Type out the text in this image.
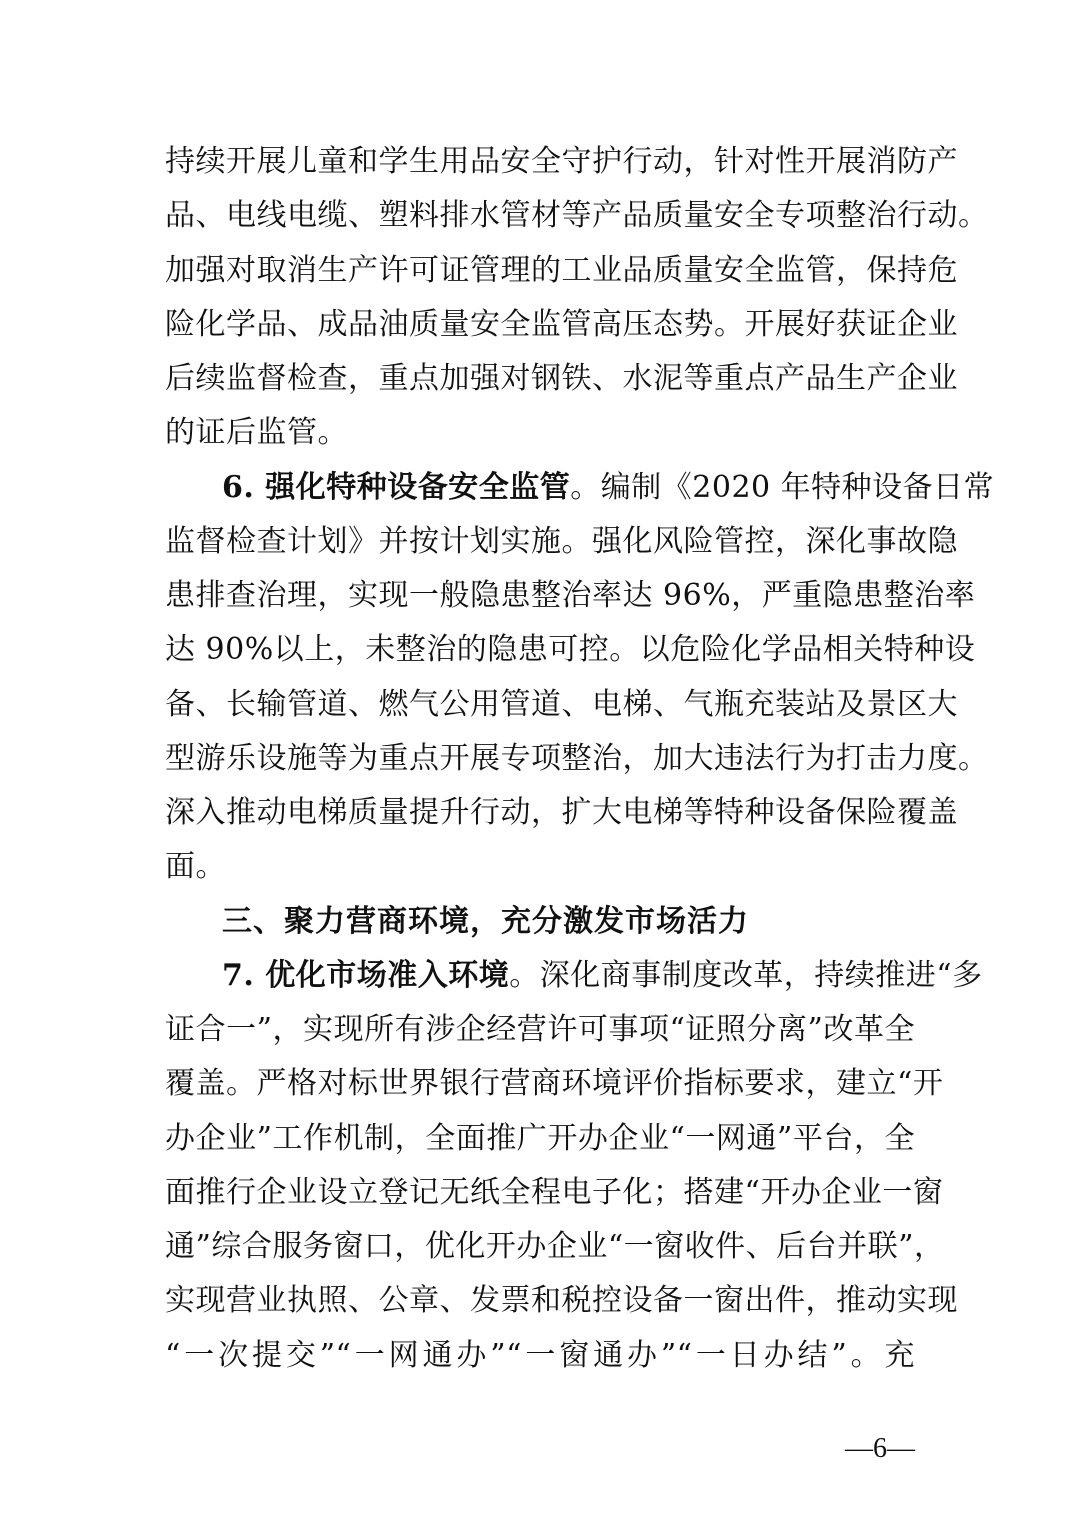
持续开展儿童和学生用品安全守护行动，针对性开展消防产
品、电线电缆、塑料排水管材等产品质量安全专项整治行动。
加强对取消生产许可证管理的工业品质量安全监管，保持危
险化学品、成品油质量安全监管高压态势。开展好获证企业
后续监督检查，重点加强对钢铁、水泥等重点产品生产企业
的证后监管。
6. 强化特种设备安全监管。编制《2020 年特种设备日常
监督检查计划》并按计划实施。强化风险管控，深化事故隐
患排查治理，实现一般隐患整治率达 96%，严重隐患整治率
达 90%以上，未整治的隐患可控。以危险化学品相关特种设
备、长输管道、燃气公用管道、电梯、气瓶充装站及景区大
型游乐设施等为重点开展专项整治，加大违法行为打击力度。
深入推动电梯质量提升行动，扩大电梯等特种设备保险覆盖
面。
三、聚力营商环境，充分激发市场活力
7. 优化市场准入环境。深化商事制度改革，持续推进“多
证合一”，实现所有涉企经营许可事项“证照分离”改革全
覆盖。严格对标世界银行营商环境评价指标要求，建立“开
办企业”工作机制，全面推广开办企业“一网通”平台，全
面推行企业设立登记无纸全程电子化；搭建“开办企业一窗
通”综合服务窗口，优化开办企业“一窗收件、后台并联”，
实现营业执照、公章、发票和税控设备一窗出件，推动实现
“一次提交”“一网通办”“一窗通办”“一日办结”。充
—6—
